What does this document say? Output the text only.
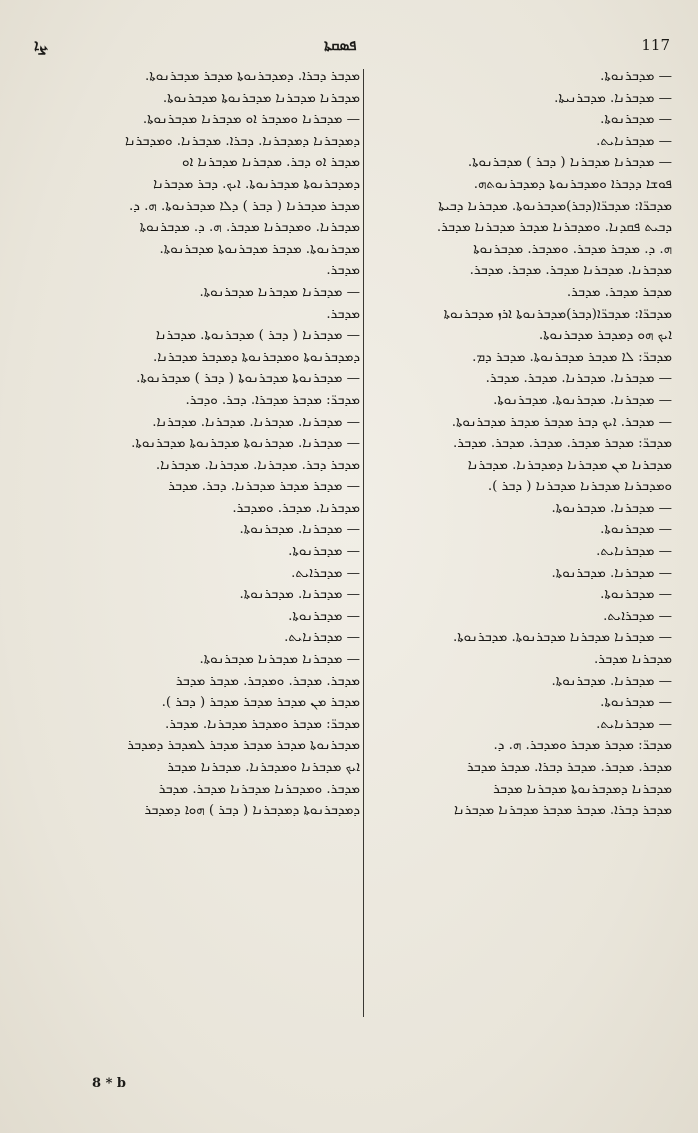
ܨܐ	ܦܣܩܬܐ	117
ܡܕܒܪ ܕܒܪܐ. ܕܡܕܒܪܢܘܬܐ ܡܕܒܪ ܡܕܒܪܢܘܬܐ.
ܡܕܒܪܢܐ ܡܕܒܪܢܐ ܡܕܒܪܢܘܬܐ ܡܕܒܪܢܘܬܐ.
— ܡܕܒܪܢܐ ܘܡܕܒܪ ܐܘ ܡܕܒܪܢܐ ܡܕܒܪܢܘܬܐ.
ܕܡܕܒܪܢܐ ܕܡܕܒܪܢܐ. ܕܒܪܐ. ܡܕܒܪܢܐ. ܘܡܕܒܪܢܐ
ܡܕܒܪ ܐܘ ܕܒܪ. ܡܕܒܪܢܐ ܡܕܒܪܢܐ ܐܘ
ܕܡܕܒܪܢܘܬܐ ܡܕܒܪܢܘܬܐ. ܐܝܟ. ܕܒܪ ܡܕܒܪܢܐ
ܡܕܒܪ ܡܕܒܪܢܐ ( ܕܒܪ ) ܕܠܐ ܡܕܒܪܢܘܬܐ. ܗ. ܕ.
ܡܕܒܪܢܐ. ܘܡܕܒܪܢܐ ܡܕܒܪ. ܗ. ܕ. ܡܕܒܪܢܘܬܐ
ܡܕܒܪܢܘܬܐ. ܡܕܒܪ ܡܕܒܪܢܘܬܐ ܡܕܒܪܢܘܬܐ.
ܡܕܒܪ.
— ܡܕܒܪܢܐ ܡܕܒܪܢܐ ܡܕܒܪܢܘܬܐ.
ܡܕܒܪ.
— ܡܕܒܪܢܐ ( ܕܒܪ ) ܡܕܒܪܢܘܬܐ. ܡܕܒܪܢܐ
ܕܡܕܒܪܢܘܬܐ ܘܡܕܒܪܢܘܬܐ ܕܡܕܒܪ ܡܕܒܪܢܐ.
— ܡܕܒܪܢܘܬܐ ܡܕܒܪܢܘܬܐ ( ܕܒܪ ) ܡܕܒܪܢܘܬܐ.
ܡܕܒܪ̈: ܡܕܒܪ ܡܕܒܪܐ. ܕܒܪ. ܘܕܒܪ.
— ܡܕܒܪܢܐ. ܡܕܒܪܢܐ. ܡܕܒܪܢܐ. ܡܕܒܪܢܐ.
— ܡܕܒܪܢܐ. ܡܕܒܪܢܘܬܐ ܡܕܒܪܢܘܬܐ ܡܕܒܪܢܘܬܐ.
ܡܕܒܪ ܕܒܪ. ܡܕܒܪܢܐ. ܡܕܒܪܢܐ. ܡܕܒܪܢܐ.
— ܡܕܒܪ ܡܕܒܪ ܡܕܒܪܢܐ. ܕܒܪ. ܡܕܒܪ
ܡܕܒܪܢܐ. ܡܕܒܪ. ܘܡܕܒܪ.
— ܡܕܒܪܢܐ. ܡܕܒܪܢܘܬܐ.
— ܡܕܒܪܢܘܬܐ.
— ܡܕܒܪܐܝܬ.
— ܡܕܒܪܢܐ. ܡܕܒܪܢܘܬܐ.
— ܡܕܒܪܢܘܬܐ.
— ܡܕܒܪܢܐܝܬ.
— ܡܕܒܪܢܐ ܡܕܒܪܢܐ ܡܕܒܪܢܘܬܐ.
ܡܕܒܪ. ܡܕܒܪ. ܘܡܕܒܪ. ܡܕܒܪ ܡܕܒܪ
ܡܕܒܪ ܡܢ ܡܕܒܪ ܡܕܒܪ ܡܕܒܪ ( ܕܒܪ ).
ܡܕܒܪ̈: ܡܕܒܪ ܘܡܕܒܪ ܡܕܒܪܢܐ. ܡܕܒܪ.
ܡܕܒܪܢܘܬܐ ܡܕܒܪ ܡܕܒܪ ܡܕܒܪ ܠܡܕܒܪ ܕܡܕܒܪ
ܐܝܟ ܡܕܒܪܢܐ ܘܡܕܒܪܢܐ. ܡܕܒܪܢܐ ܡܕܒܪ
ܡܕܒܪ. ܘܡܕܒܪܢܐ ܡܕܒܪܢܐ ܡܕܒܪ. ܡܕܒܪ
ܕܡܕܒܪܢܘܬܐ ܕܡܕܒܪܢܐ ( ܕܒܪ ) ܗܘܐ ܕܡܕܒܪ
— ܡܕܒܪܢܘܬܐ.
— ܡܕܒܪܢܐ. ܡܕܒܪܢܝܬܐ.
— ܡܕܒܪܢܘܬܐ.
— ܡܕܒܪܢܐܝܬ.
— ܡܕܒܪܢܐ ܡܕܒܪܢܐ ( ܕܒܪ ) ܡܕܒܪܢܘܬܐ.
ܦܘܫܐ ܕܕܒܪܐ ܘܡܕܒܪܢܘܬܐ ܕܡܕܒܪܢܘܬܗ.
ܡܕܒܪ̈ܐ: ܡܕܒܪ̈ܐ(ܕܒܪ)ܡܕܒܪܢܘܬܐ. ܡܕܒܪܢܐ ܕܒܝܬܐ
ܕܒܝܬ ܦܩܕܢܐ. ܘܡܕܒܪܢܐ ܡܕܒܪ ܡܕܒܪܢܐ ܡܕܒܪ.
ܗ. ܕ. ܡܕܒܪ ܡܕܒܪ. ܘܡܕܒܪ. ܡܕܒܪܢܘܬܐ
ܡܕܒܪܢܐ. ܡܕܒܪܢܐ ܡܕܒܪ. ܡܕܒܪ. ܡܕܒܪ.
ܡܕܒܪ ܡܕܒܪ. ܡܕܒܪ.
ܡܕܒܪ̈ܐ: ܡܕܒܪ̈ܐ(ܕܒܪ)ܡܕܒܪܢܘܬܐ ܐܪܙ ܡܕܒܪܢܘܬܐ
ܐܝܟ ܗܘ ܕܡܕܒܪ ܡܕܒܪܢܘܬܐ.
ܡܕܒܪ̈: ܠܐ ܡܕܒܪ ܡܕܒܪܢܘܬܐ. ܡܕܒܪ ܕܡ.
— ܡܕܒܪܢܐ. ܡܕܒܪܢܐ. ܡܕܒܪ. ܡܕܒܪ.
— ܡܕܒܪܢܐ. ܡܕܒܪܢܘܬܐ. ܡܕܒܪܢܘܬܐ.
— ܡܕܒܪ. ܐܝܟ ܕܒܪ ܡܕܒܪ ܡܕܒܪ ܡܕܒܪܢܘܬܐ.
ܡܕܒܪ̈: ܡܕܒܪ ܡܕܒܪ. ܡܕܒܪ. ܡܕܒܪ. ܡܕܒܪ.
ܡܕܒܪܢܐ ܡܢ ܡܕܒܪܢܐ ܕܡܕܒܪܢܐ. ܡܕܒܪܢܐ
ܘܡܕܒܪܢܐ ܡܕܒܪܢܐ ܡܕܒܪܢܐ ( ܕܒܪ ).
— ܡܕܒܪܢܐ. ܡܕܒܪܢܘܬܐ.
— ܡܕܒܪܢܘܬܐ.
— ܡܕܒܪܢܐܝܬ.
— ܡܕܒܪܢܐ. ܡܕܒܪܢܘܬܐ.
— ܡܕܒܪܢܘܬܐ.
— ܡܕܒܪܐܝܬ.
— ܡܕܒܪܢܐ ܡܕܒܪܢܐ ܡܕܒܪܢܘܬܐ. ܡܕܒܪܢܘܬܐ.
ܡܕܒܪܢܐ ܡܕܒܪ.
— ܡܕܒܪܢܐ. ܡܕܒܪܢܘܬܐ.
— ܡܕܒܪܢܘܬܐ.
— ܡܕܒܪܢܐܝܬ.
ܡܕܒܪ̈: ܡܕܒܪ ܡܕܒܪ ܘܡܕܒܪ. ܗ. ܕ.
ܡܕܒܪ. ܡܕܒܪ. ܡܕܒܪ ܕܒܪܐ. ܡܕܒܪ ܡܕܒܪ
ܡܕܒܪܢܐ ܕܡܕܒܪܢܘܬܐ ܡܕܒܪܢܐ ܡܕܒܪ
ܡܕܒܪ ܕܒܪܐ. ܡܕܒܪ ܡܕܒܪ ܡܕܒܪܢܐ ܡܕܒܪܢܐ
8 * b
